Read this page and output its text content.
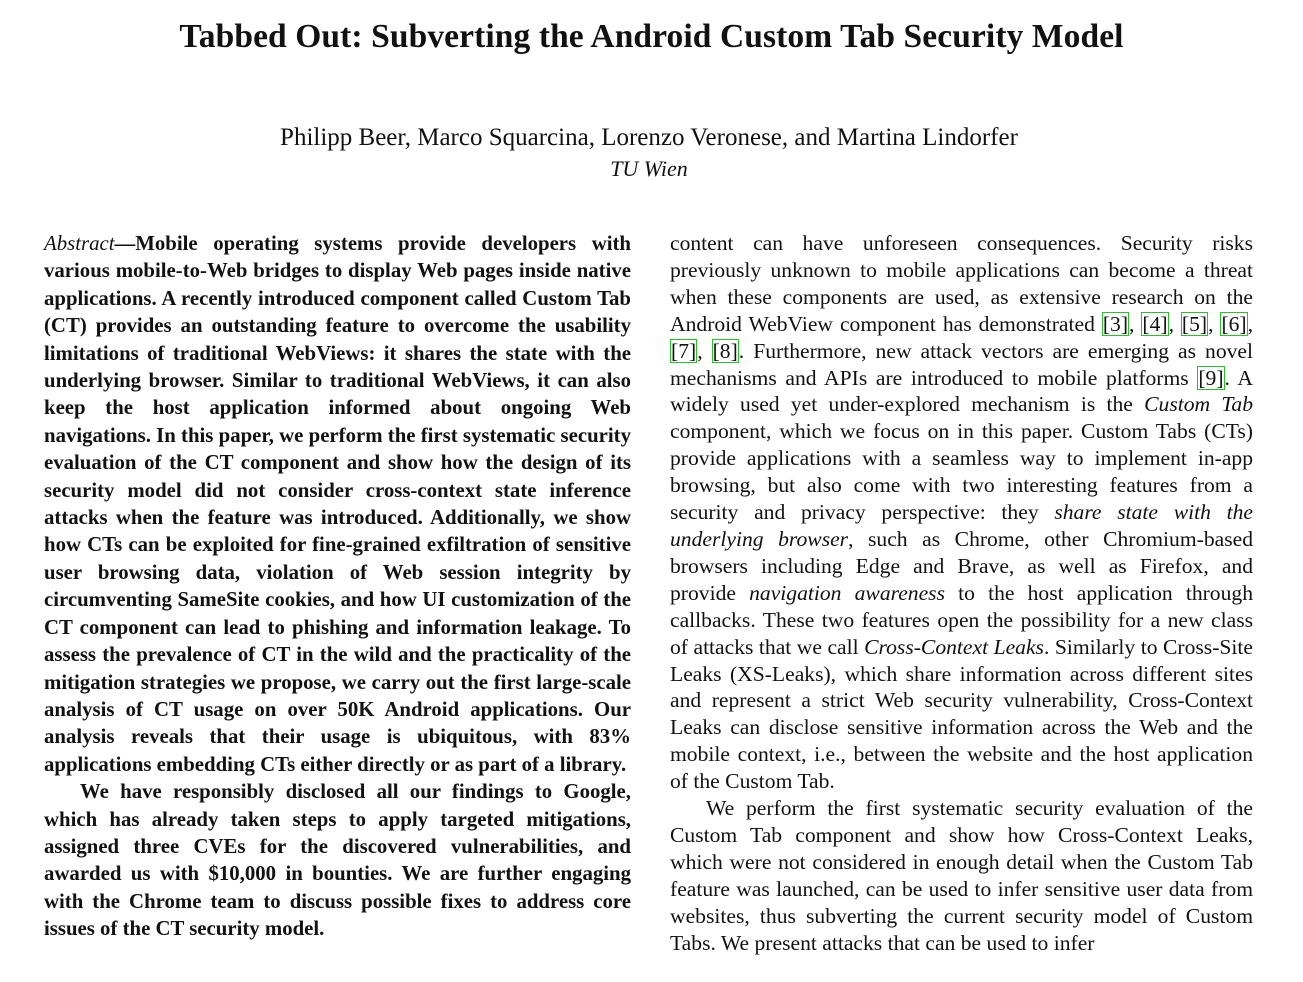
Tabbed Out: Subverting the Android Custom Tab Security Model
Philipp Beer, Marco Squarcina, Lorenzo Veronese, and Martina Lindorfer
TU Wien

Abstract—Mobile operating systems provide developers with various mobile-to-Web bridges to display Web pages inside native applications. A recently introduced component called Custom Tab (CT) provides an outstanding feature to overcome the usability limitations of traditional WebViews: it shares the state with the underlying browser. Similar to traditional WebViews, it can also keep the host application informed about ongoing Web navigations. In this paper, we perform the first systematic security evaluation of the CT component and show how the design of its security model did not consider cross-context state inference attacks when the feature was introduced. Additionally, we show how CTs can be exploited for fine-grained exfiltration of sensitive user browsing data, violation of Web session integrity by circumventing SameSite cookies, and how UI customization of the CT component can lead to phishing and information leakage. To assess the prevalence of CT in the wild and the practicality of the mitigation strategies we propose, we carry out the first large-scale analysis of CT usage on over 50K Android applications. Our analysis reveals that their usage is ubiquitous, with 83% applications embedding CTs either directly or as part of a library.

We have responsibly disclosed all our findings to Google, which has already taken steps to apply targeted mitigations, assigned three CVEs for the discovered vulnerabilities, and awarded us with $10,000 in bounties. We are further engaging with the Chrome team to discuss possible fixes to address core issues of the CT security model.

content can have unforeseen consequences. Security risks previously unknown to mobile applications can become a threat when these components are used, as extensive research on the Android WebView component has demonstrated [3], [4], [5], [6], [7], [8]. Furthermore, new attack vectors are emerging as novel mechanisms and APIs are introduced to mobile platforms [9]. A widely used yet under-explored mechanism is the Custom Tab component, which we focus on in this paper. Custom Tabs (CTs) provide applications with a seamless way to implement in-app browsing, but also come with two interesting features from a security and privacy perspective: they share state with the underlying browser, such as Chrome, other Chromium-based browsers including Edge and Brave, as well as Firefox, and provide navigation awareness to the host application through callbacks. These two features open the possibility for a new class of attacks that we call Cross-Context Leaks. Similarly to Cross-Site Leaks (XS-Leaks), which share information across different sites and represent a strict Web security vulnerability, Cross-Context Leaks can disclose sensitive information across the Web and the mobile context, i.e., between the website and the host application of the Custom Tab.

We perform the first systematic security evaluation of the Custom Tab component and show how Cross-Context Leaks, which were not considered in enough detail when the Custom Tab feature was launched, can be used to infer sensitive user data from websites, thus subverting the current security model of Custom Tabs. We present attacks that can be used to infer
